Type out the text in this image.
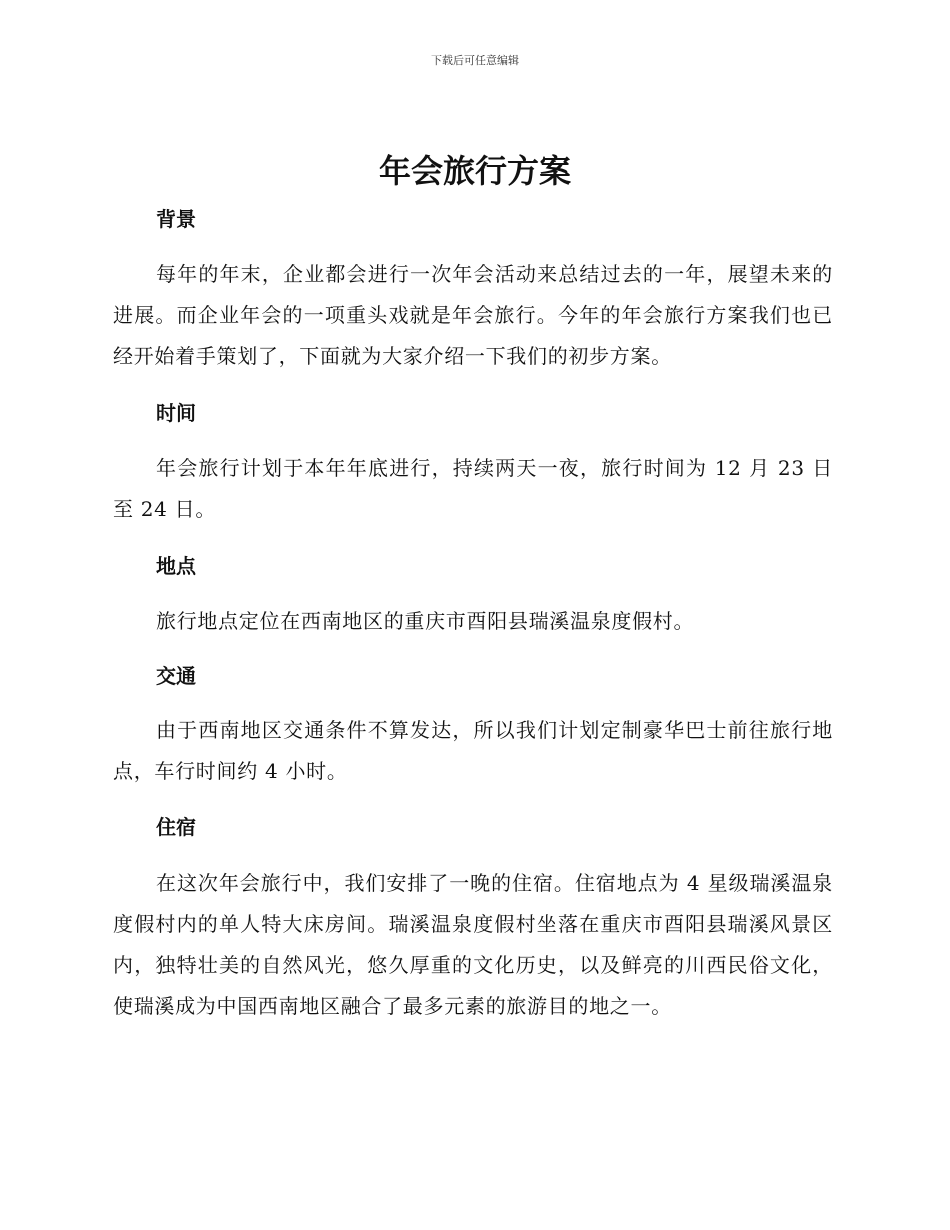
下载后可任意编辑
年会旅行方案
背景

每年的年末，企业都会进行一次年会活动来总结过去的一年，展望未来的进展。而企业年会的一项重头戏就是年会旅行。今年的年会旅行方案我们也已经开始着手策划了，下面就为大家介绍一下我们的初步方案。

时间

年会旅行计划于本年年底进行，持续两天一夜，旅行时间为 12 月 23 日至 24 日。

地点

旅行地点定位在西南地区的重庆市酉阳县瑞溪温泉度假村。

交通

由于西南地区交通条件不算发达，所以我们计划定制豪华巴士前往旅行地点，车行时间约 4 小时。

住宿

在这次年会旅行中，我们安排了一晚的住宿。住宿地点为 4 星级瑞溪温泉度假村内的单人特大床房间。瑞溪温泉度假村坐落在重庆市酉阳县瑞溪风景区内，独特壮美的自然风光，悠久厚重的文化历史，以及鲜亮的川西民俗文化，使瑞溪成为中国西南地区融合了最多元素的旅游目的地之一。
